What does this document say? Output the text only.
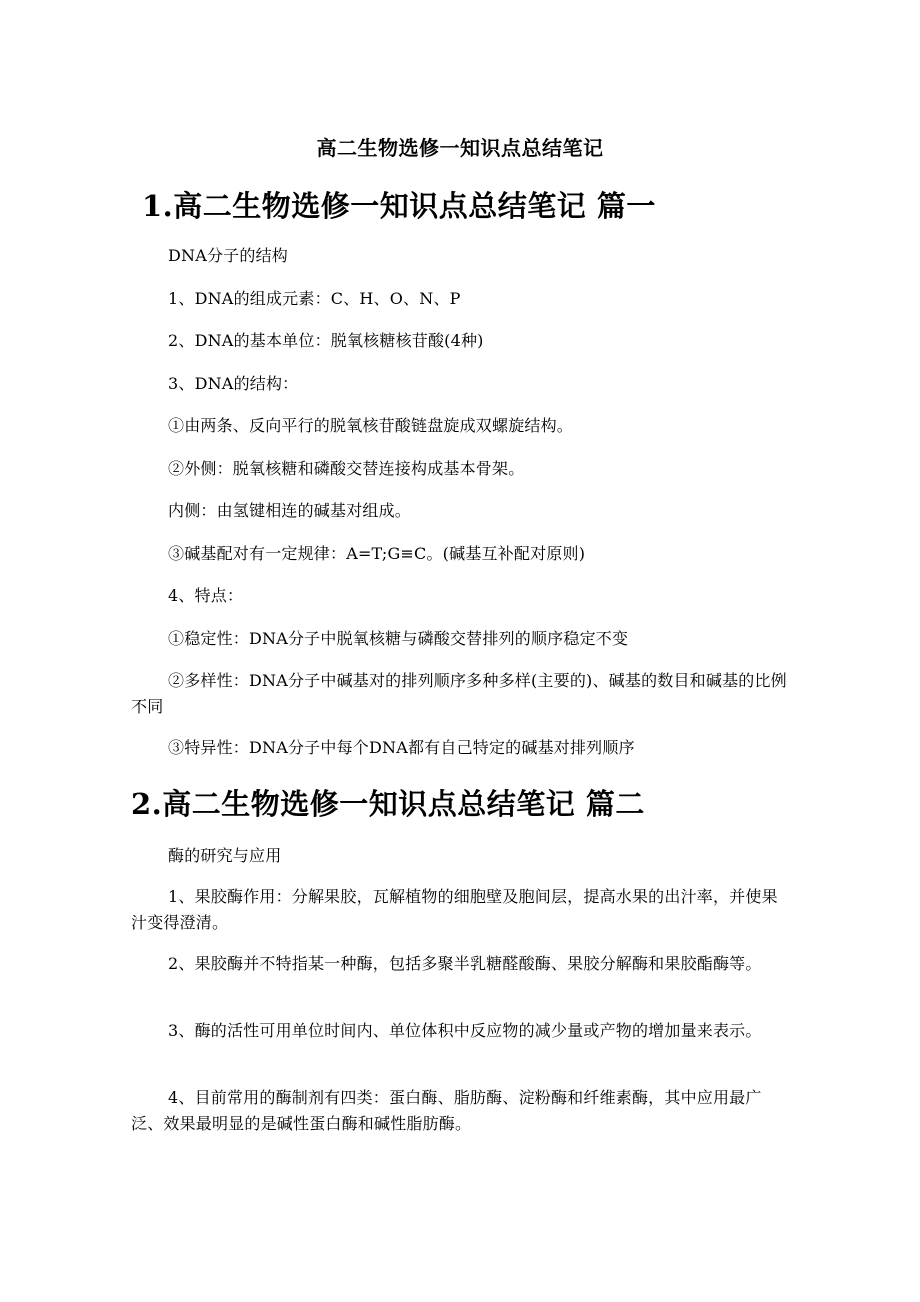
高二生物选修一知识点总结笔记
1.高二生物选修一知识点总结笔记 篇一

DNA分子的结构

1、DNA的组成元素：C、H、O、N、P

2、DNA的基本单位：脱氧核糖核苷酸(4种)

3、DNA的结构：

①由两条、反向平行的脱氧核苷酸链盘旋成双螺旋结构。

②外侧：脱氧核糖和磷酸交替连接构成基本骨架。

内侧：由氢键相连的碱基对组成。

③碱基配对有一定规律：A=T;G≡C。(碱基互补配对原则)

4、特点：

①稳定性：DNA分子中脱氧核糖与磷酸交替排列的顺序稳定不变

②多样性：DNA分子中碱基对的排列顺序多种多样(主要的)、碱基的数目和碱基的比例不同

③特异性：DNA分子中每个DNA都有自己特定的碱基对排列顺序

2.高二生物选修一知识点总结笔记 篇二

酶的研究与应用

1、果胶酶作用：分解果胶，瓦解植物的细胞壁及胞间层，提高水果的出汁率，并使果汁变得澄清。

2、果胶酶并不特指某一种酶，包括多聚半乳糖醛酸酶、果胶分解酶和果胶酯酶等。

3、酶的活性可用单位时间内、单位体积中反应物的减少量或产物的增加量来表示。

4、目前常用的酶制剂有四类：蛋白酶、脂肪酶、淀粉酶和纤维素酶，其中应用最广泛、效果最明显的是碱性蛋白酶和碱性脂肪酶。
